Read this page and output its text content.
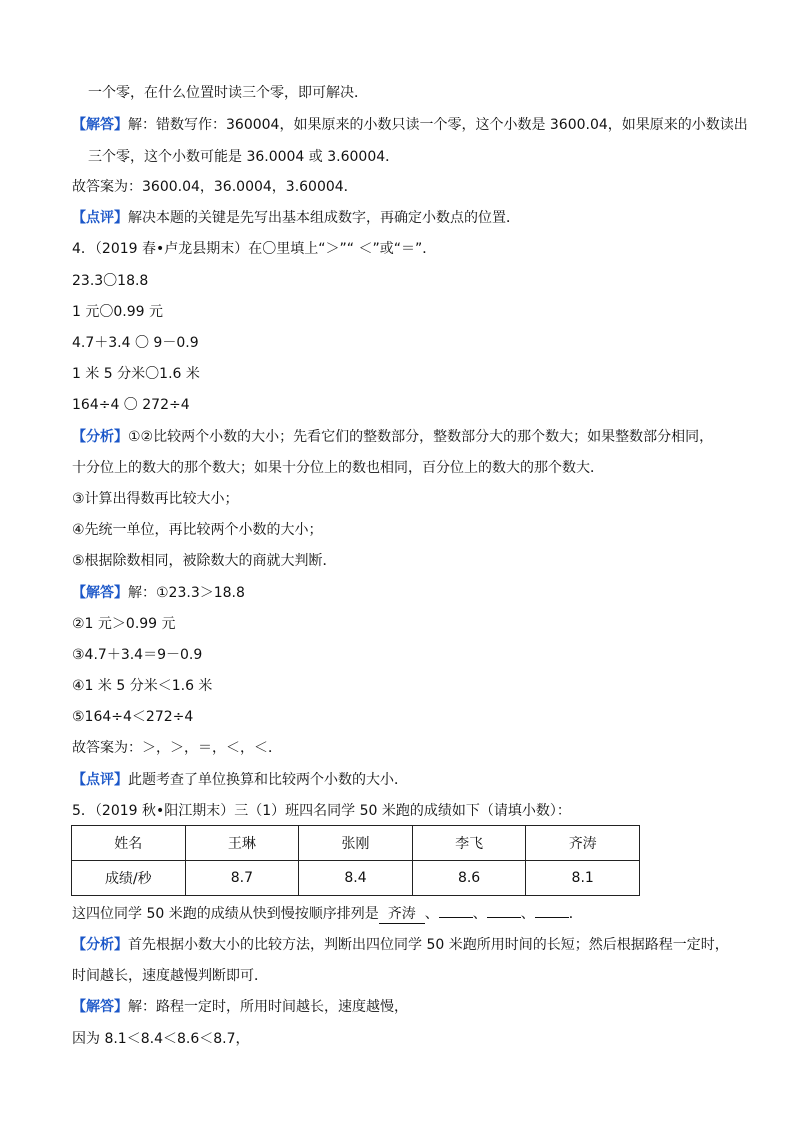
一个零，在什么位置时读三个零，即可解决．
【解答】解：错数写作：360004，如果原来的小数只读一个零，这个小数是 3600.04，如果原来的小数读出
三个零，这个小数可能是 36.0004 或 3.60004．
故答案为：3600.04，36.0004，3.60004．
【点评】解决本题的关键是先写出基本组成数字，再确定小数点的位置．
4．（2019 春•卢龙县期末）在〇里填上“＞”“ ＜”或“＝”．
23.3〇18.8
1 元〇0.99 元
4.7＋3.4 〇 9－0.9
1 米 5 分米〇1.6 米
164÷4 〇 272÷4
【分析】①②比较两个小数的大小；先看它们的整数部分，整数部分大的那个数大；如果整数部分相同，
十分位上的数大的那个数大；如果十分位上的数也相同，百分位上的数大的那个数大．
③计算出得数再比较大小；
④先统一单位，再比较两个小数的大小；
⑤根据除数相同，被除数大的商就大判断．
【解答】解：①23.3＞18.8
②1 元＞0.99 元
③4.7＋3.4＝9－0.9
④1 米 5 分米＜1.6 米
⑤164÷4＜272÷4
故答案为：＞，＞，＝，＜，＜．
【点评】此题考查了单位换算和比较两个小数的大小．
5．（2019 秋•阳江期末）三（1）班四名同学 50 米跑的成绩如下（请填小数）：
姓名	王琳	张刚	李飞	齐涛
成绩/秒	8.7	8.4	8.6	8.1
这四位同学 50 米跑的成绩从快到慢按顺序排列是 齐涛 、 、 、 ．
【分析】首先根据小数大小的比较方法，判断出四位同学 50 米跑所用时间的长短；然后根据路程一定时，
时间越长，速度越慢判断即可．
【解答】解：路程一定时，所用时间越长，速度越慢，
因为 8.1＜8.4＜8.6＜8.7，
